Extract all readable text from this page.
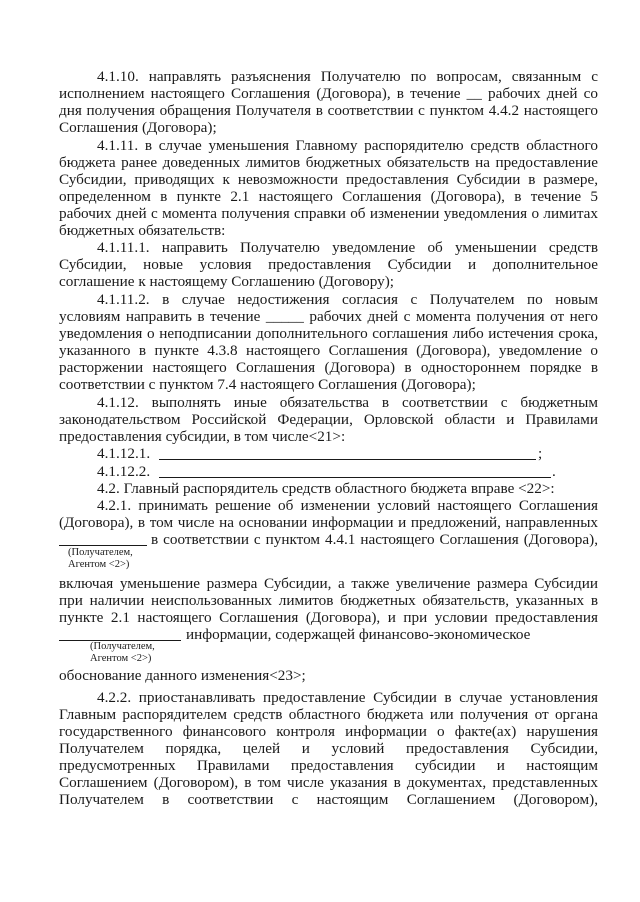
4.1.10. направлять разъяснения Получателю по вопросам, связанным с
исполнением настоящего Соглашения (Договора), в течение __ рабочих дней со
дня получения обращения Получателя в соответствии с пунктом 4.4.2 настоящего
Соглашения (Договора);
4.1.11. в случае уменьшения Главному распорядителю средств областного
бюджета ранее доведенных лимитов бюджетных обязательств на предоставление
Субсидии, приводящих к невозможности предоставления Субсидии в размере,
определенном в пункте 2.1 настоящего Соглашения (Договора), в течение 5
рабочих дней с момента получения справки об изменении уведомления о лимитах
бюджетных обязательств:
4.1.11.1. направить Получателю уведомление об уменьшении средств
Субсидии, новые условия предоставления Субсидии и дополнительное
соглашение к настоящему Соглашению (Договору);
4.1.11.2. в случае недостижения согласия с Получателем по новым
условиям направить в течение _____ рабочих дней с момента получения от него
уведомления о неподписании дополнительного соглашения либо истечения срока,
указанного в пункте 4.3.8 настоящего Соглашения (Договора), уведомление о
расторжении настоящего Соглашения (Договора) в одностороннем порядке в
соответствии с пунктом 7.4 настоящего Соглашения (Договора);
4.1.12. выполнять иные обязательства в соответствии с бюджетным
законодательством Российской Федерации, Орловской области и Правилами
предоставления субсидии, в том числе<21>:
4.1.12.1.	;
4.1.12.2.	.
4.2. Главный распорядитель средств областного бюджета вправе <22>:
4.2.1. принимать решение об изменении условий настоящего Соглашения
(Договора), в том числе на основании информации и предложений, направленных
в соответствии с пунктом 4.4.1 настоящего Соглашения (Договора),
(Получателем,
Агентом <2>)
включая уменьшение размера Субсидии, а также увеличение размера Субсидии
при наличии неиспользованных лимитов бюджетных обязательств, указанных в
пункте 2.1 настоящего Соглашения (Договора), и при условии предоставления
информации, содержащей финансово-экономическое
(Получателем,
Агентом <2>)
обоснование данного изменения<23>;
4.2.2. приостанавливать предоставление Субсидии в случае установления
Главным распорядителем средств областного бюджета или получения от органа
государственного финансового контроля информации о факте(ах) нарушения
Получателем порядка, целей и условий предоставления Субсидии,
предусмотренных Правилами предоставления субсидии и настоящим
Соглашением (Договором), в том числе указания в документах, представленных
Получателем в соответствии с настоящим Соглашением (Договором),
